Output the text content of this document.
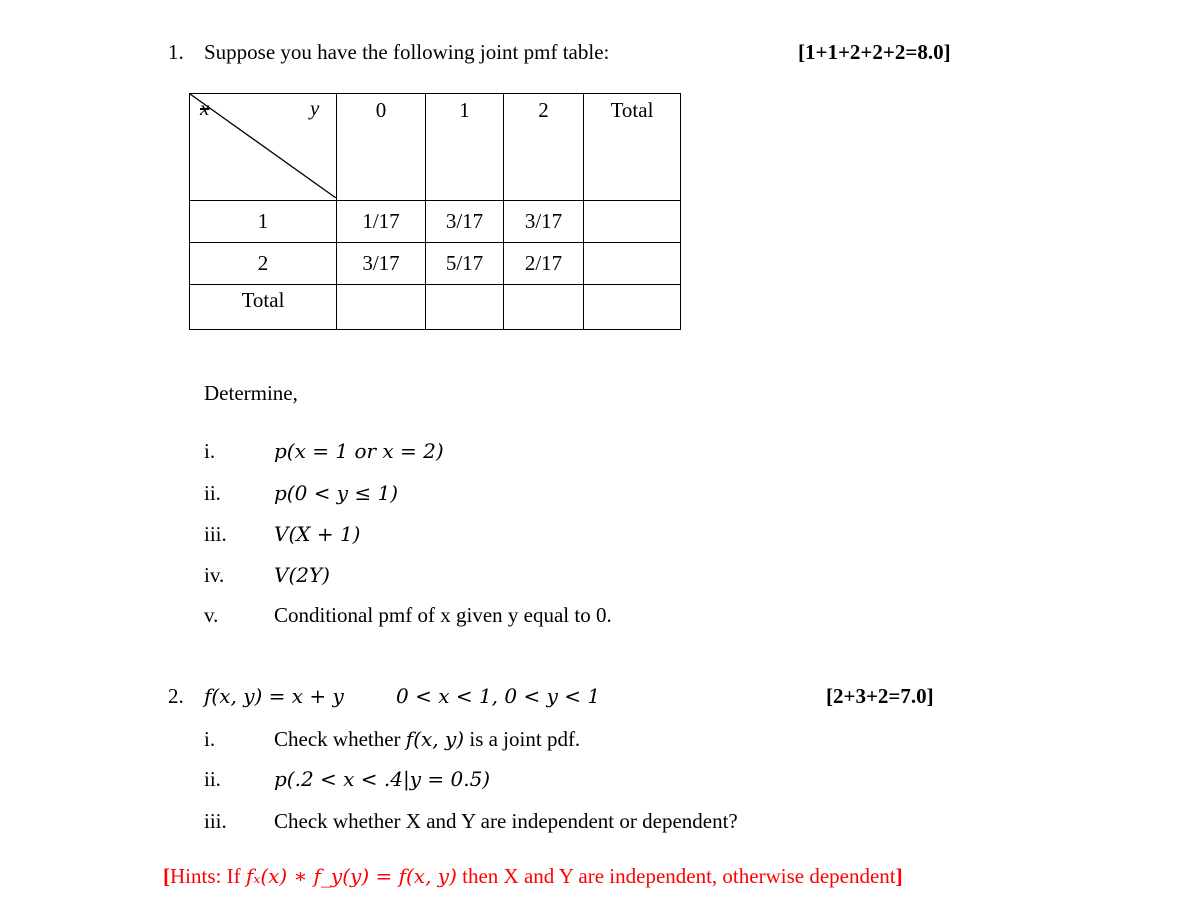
1. Suppose you have the following joint pmf table:	[1+1+2+2+2=8.0]
x y	0	1	2	Total
1	1/17	3/17	3/17	
2	3/17	5/17	2/17	
Total				
Determine,
i.	p(x = 1 or x = 2)
ii.	p(0 < y ≤ 1)
iii. V(X + 1)
iv. V(2Y)
v.	Conditional pmf of x given y equal to 0.
2. f(x, y) = x + y	0 < x < 1, 0 < y < 1	[2+3+2=7.0]
i.	Check whether f(x, y) is a joint pdf.
ii.	p(.2 < x < .4|y = 0.5)
iii. Check whether X and Y are independent or dependent?
[Hints: If fₓ(x) ∗ f_y(y) = f(x, y) then X and Y are independent, otherwise dependent]
